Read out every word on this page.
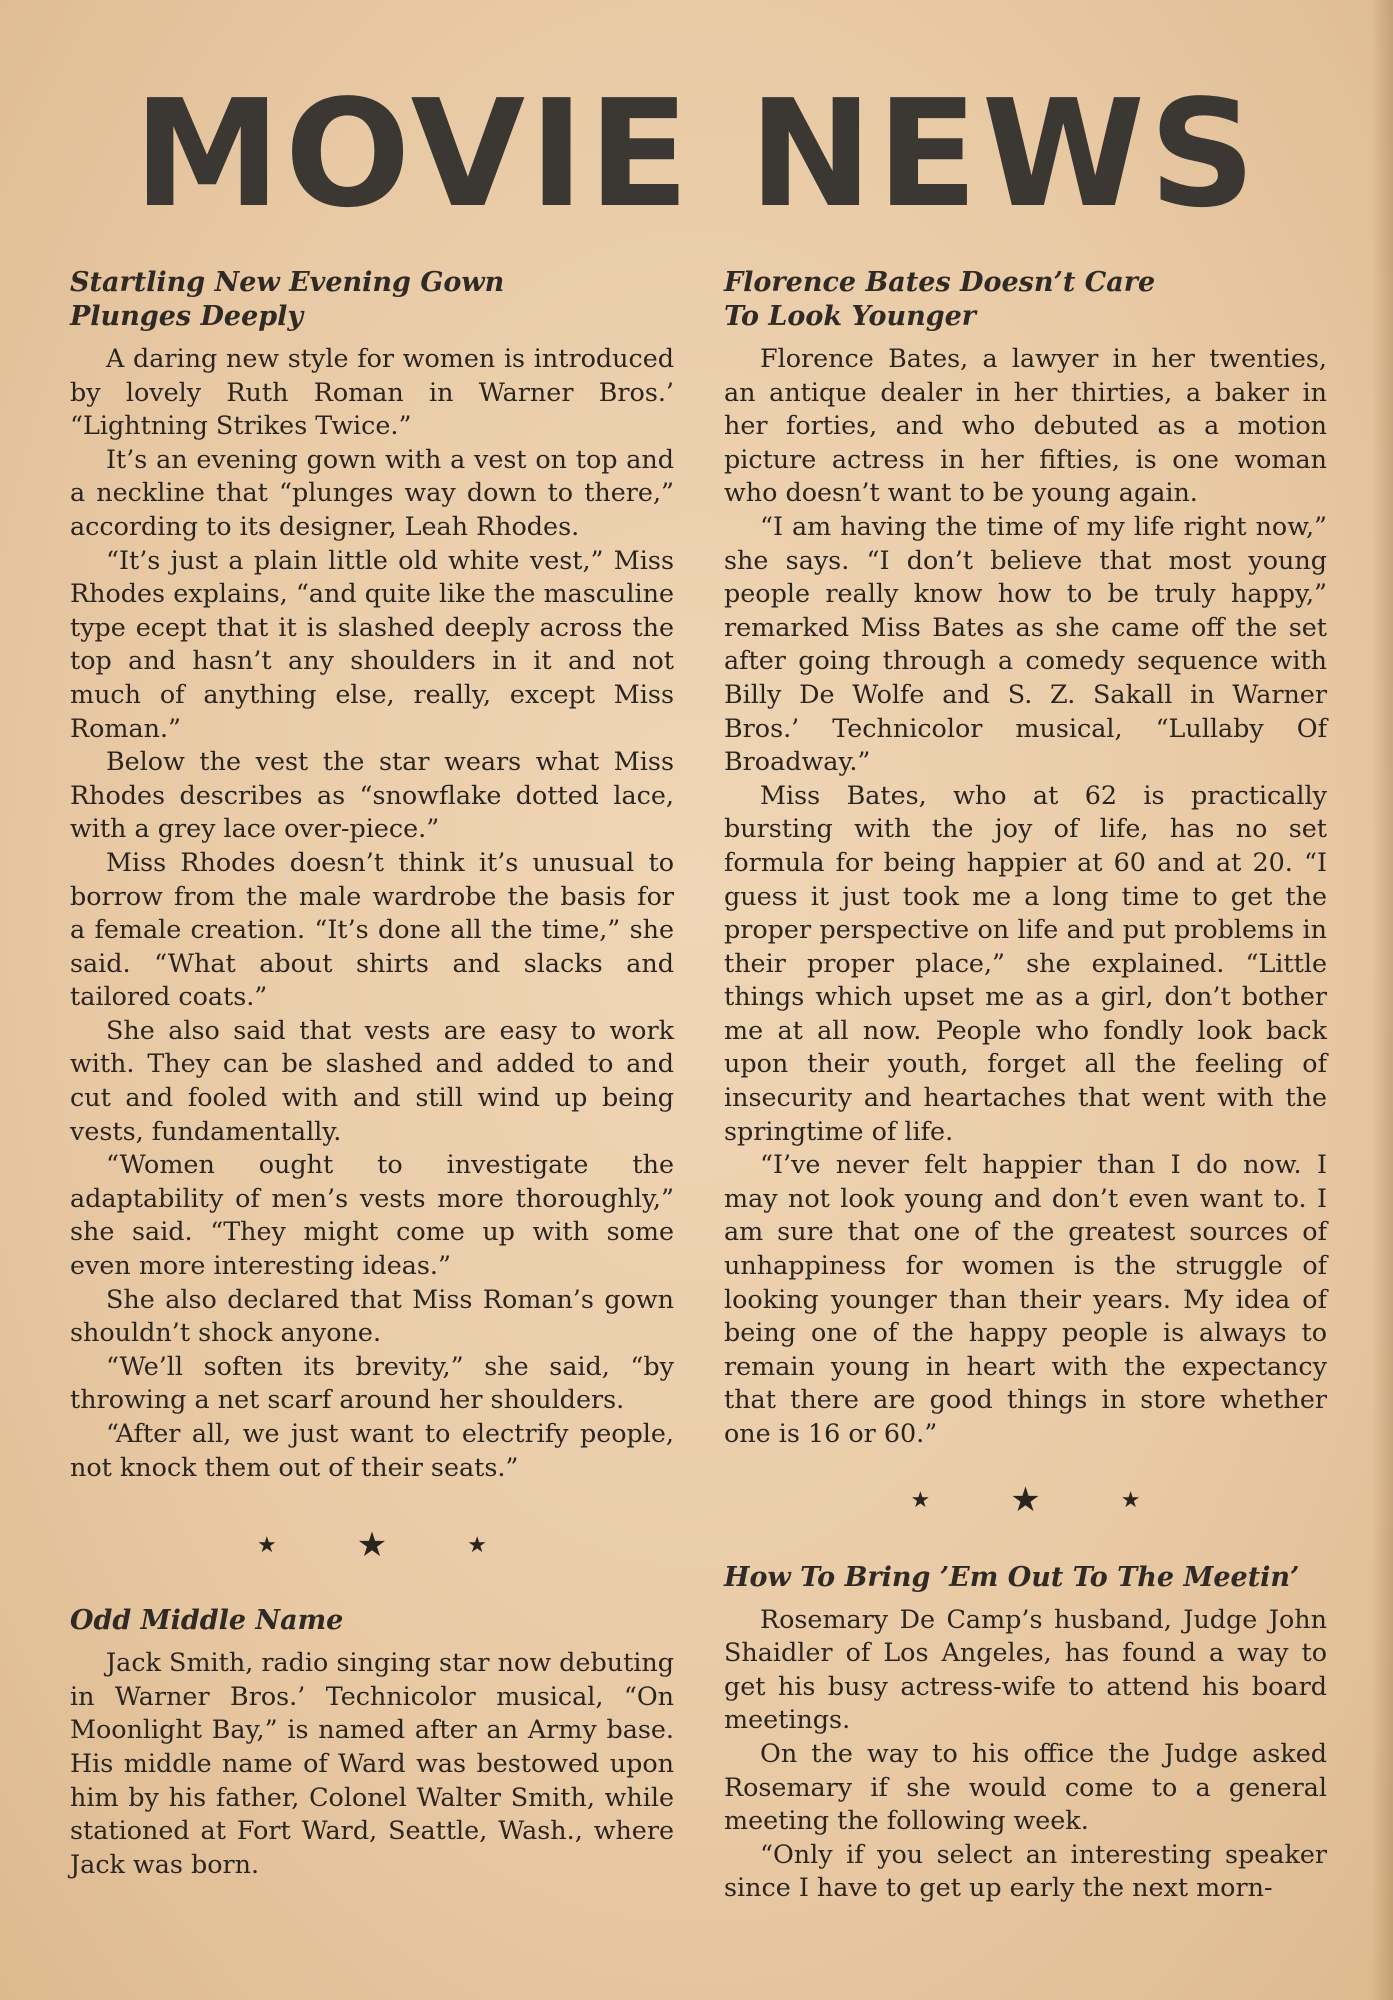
MOVIE NEWS
Startling New Evening Gown
Plunges Deeply

A daring new style for women is introduced by lovely Ruth Roman in Warner Bros.’ “Lightning Strikes Twice.”

It’s an evening gown with a vest on top and a neckline that “plunges way down to there,” according to its designer, Leah Rhodes.

“It’s just a plain little old white vest,” Miss Rhodes explains, “and quite like the masculine type ecept that it is slashed deeply across the top and hasn’t any shoulders in it and not much of anything else, really, except Miss Roman.”

Below the vest the star wears what Miss Rhodes describes as “snowflake dotted lace, with a grey lace over-piece.”

Miss Rhodes doesn’t think it’s unusual to borrow from the male wardrobe the basis for a female creation. “It’s done all the time,” she said. “What about shirts and slacks and tailored coats.”

She also said that vests are easy to work with. They can be slashed and added to and cut and fooled with and still wind up being vests, fundamentally.

“Women ought to investigate the adaptability of men’s vests more thoroughly,” she said. “They might come up with some even more interesting ideas.”

She also declared that Miss Roman’s gown shouldn’t shock anyone.

“We’ll soften its brevity,” she said, “by throwing a net scarf around her shoulders.

“After all, we just want to electrify people, not knock them out of their seats.”

★ ★	★
Odd Middle Name

Jack Smith, radio singing star now debuting in Warner Bros.’ Technicolor musical, “On Moonlight Bay,” is named after an Army base. His middle name of Ward was bestowed upon him by his father, Colonel Walter Smith, while stationed at Fort Ward, Seattle, Wash., where Jack was born.

Florence Bates Doesn’t Care
To Look Younger

Florence Bates, a lawyer in her twenties, an antique dealer in her thirties, a baker in her forties, and who debuted as a motion picture actress in her fifties, is one woman who doesn’t want to be young again.

“I am having the time of my life right now,” she says. “I don’t believe that most young people really know how to be truly happy,” remarked Miss Bates as she came off the set after going through a comedy sequence with Billy De Wolfe and S. Z. Sakall in Warner Bros.’ Technicolor musical, “Lullaby Of Broadway.”

Miss Bates, who at 62 is practically bursting with the joy of life, has no set formula for being happier at 60 and at 20. “I guess it just took me a long time to get the proper perspective on life and put problems in their proper place,” she explained. “Little things which upset me as a girl, don’t bother me at all now. People who fondly look back upon their youth, forget all the feeling of insecurity and heartaches that went with the springtime of life.

“I’ve never felt happier than I do now. I may not look young and don’t even want to. I am sure that one of the greatest sources of unhappiness for women is the struggle of looking younger than their years. My idea of being one of the happy people is always to remain young in heart with the expectancy that there are good things in store whether one is 16 or 60.”

★ ★	★
How To Bring ’Em Out To The Meetin’

Rosemary De Camp’s husband, Judge John Shaidler of Los Angeles, has found a way to get his busy actress-wife to attend his board meetings.

On the way to his office the Judge asked Rosemary if she would come to a general meeting the following week.

“Only if you select an interesting speaker since I have to get up early the next morn-
